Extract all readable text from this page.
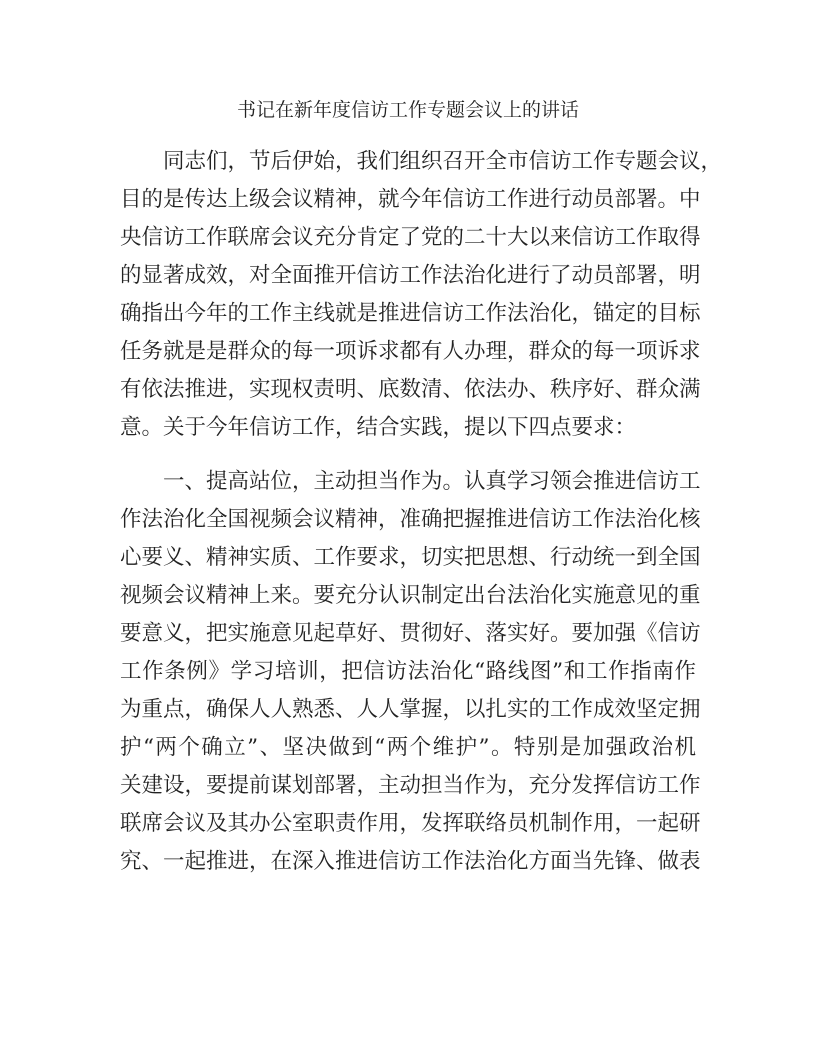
书记在新年度信访工作专题会议上的讲话
同志们，节后伊始，我们组织召开全市信访工作专题会议，
目的是传达上级会议精神，就今年信访工作进行动员部署。中
央信访工作联席会议充分肯定了党的二十大以来信访工作取得
的显著成效，对全面推开信访工作法治化进行了动员部署，明
确指出今年的工作主线就是推进信访工作法治化，锚定的目标
任务就是是群众的每一项诉求都有人办理，群众的每一项诉求
有依法推进，实现权责明、底数清、依法办、秩序好、群众满
意。关于今年信访工作，结合实践，提以下四点要求：
一、提高站位，主动担当作为。认真学习领会推进信访工
作法治化全国视频会议精神，准确把握推进信访工作法治化核
心要义、精神实质、工作要求，切实把思想、行动统一到全国
视频会议精神上来。要充分认识制定出台法治化实施意见的重
要意义，把实施意见起草好、贯彻好、落实好。要加强《信访
工作条例》学习培训，把信访法治化“路线图”和工作指南作
为重点，确保人人熟悉、人人掌握，以扎实的工作成效坚定拥
护“两个确立”、坚决做到“两个维护”。特别是加强政治机
关建设，要提前谋划部署，主动担当作为，充分发挥信访工作
联席会议及其办公室职责作用，发挥联络员机制作用，一起研
究、一起推进，在深入推进信访工作法治化方面当先锋、做表
